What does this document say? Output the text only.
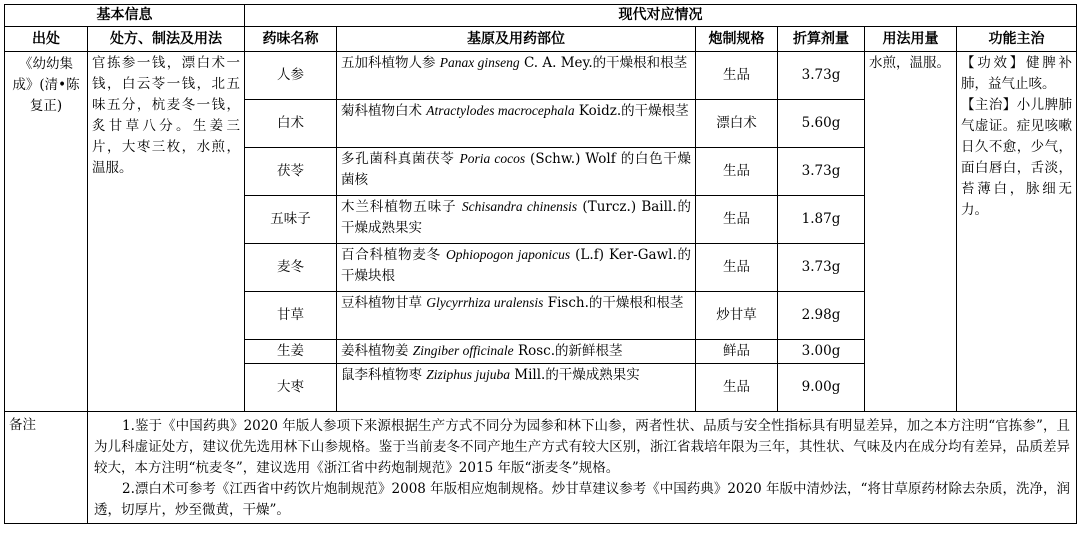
基本信息		现代对应情况					
出处	处方、制法及用法	药味名称	基原及用药部位	炮制规格	折算剂量	用法用量	功能主治
《幼幼集成》(清•陈复正)	官拣参一钱，漂白术一钱，白云苓一钱，北五味五分，杭麦冬一钱，炙甘草八分。生姜三片，大枣三枚，水煎，温服。	人参	五加科植物人参 Panax ginseng C. A. Mey.的干燥根和根茎	生品	3.73g	水煎，温服。	【功效】健脾补肺，益气止咳。
【主治】小儿脾肺气虚证。症见咳嗽日久不愈，少气，面白唇白，舌淡，苔薄白，脉细无力。

		白术	菊科植物白术 Atractylodes macrocephala Koidz.的干燥根茎	漂白术	5.60g		
		茯苓	多孔菌科真菌茯苓 Poria cocos (Schw.) Wolf 的白色干燥菌核	生品	3.73g		
		五味子	木兰科植物五味子 Schisandra chinensis (Turcz.) Baill.的干燥成熟果实	生品	1.87g		
		麦冬	百合科植物麦冬 Ophiopogon japonicus (L.f) Ker-Gawl.的干燥块根	生品	3.73g		
		甘草	豆科植物甘草 Glycyrrhiza uralensis Fisch.的干燥根和根茎	炒甘草	2.98g		
		生姜	姜科植物姜 Zingiber officinale Rosc.的新鲜根茎	鲜品	3.00g		
		大枣	鼠李科植物枣 Ziziphus jujuba Mill.的干燥成熟果实	生品	9.00g		
备注	1.鉴于《中国药典》2020 年版人参项下来源根据生产方式不同分为园参和林下山参，两者性状、品质与安全性指标具有明显差异，加之本方注明“官拣参”，且为儿科虚证处方，建议优先选用林下山参规格。鉴于当前麦冬不同产地生产方式有较大区别，浙江省栽培年限为三年，其性状、气味及内在成分均有差异，品质差异较大，本方注明“杭麦冬”，建议选用《浙江省中药炮制规范》2015 年版“浙麦冬”规格。

2.漂白术可参考《江西省中药饮片炮制规范》2008 年版相应炮制规格。炒甘草建议参考《中国药典》2020 年版中清炒法，“将甘草原药材除去杂质，洗净，润透，切厚片，炒至微黄，干燥”。						
